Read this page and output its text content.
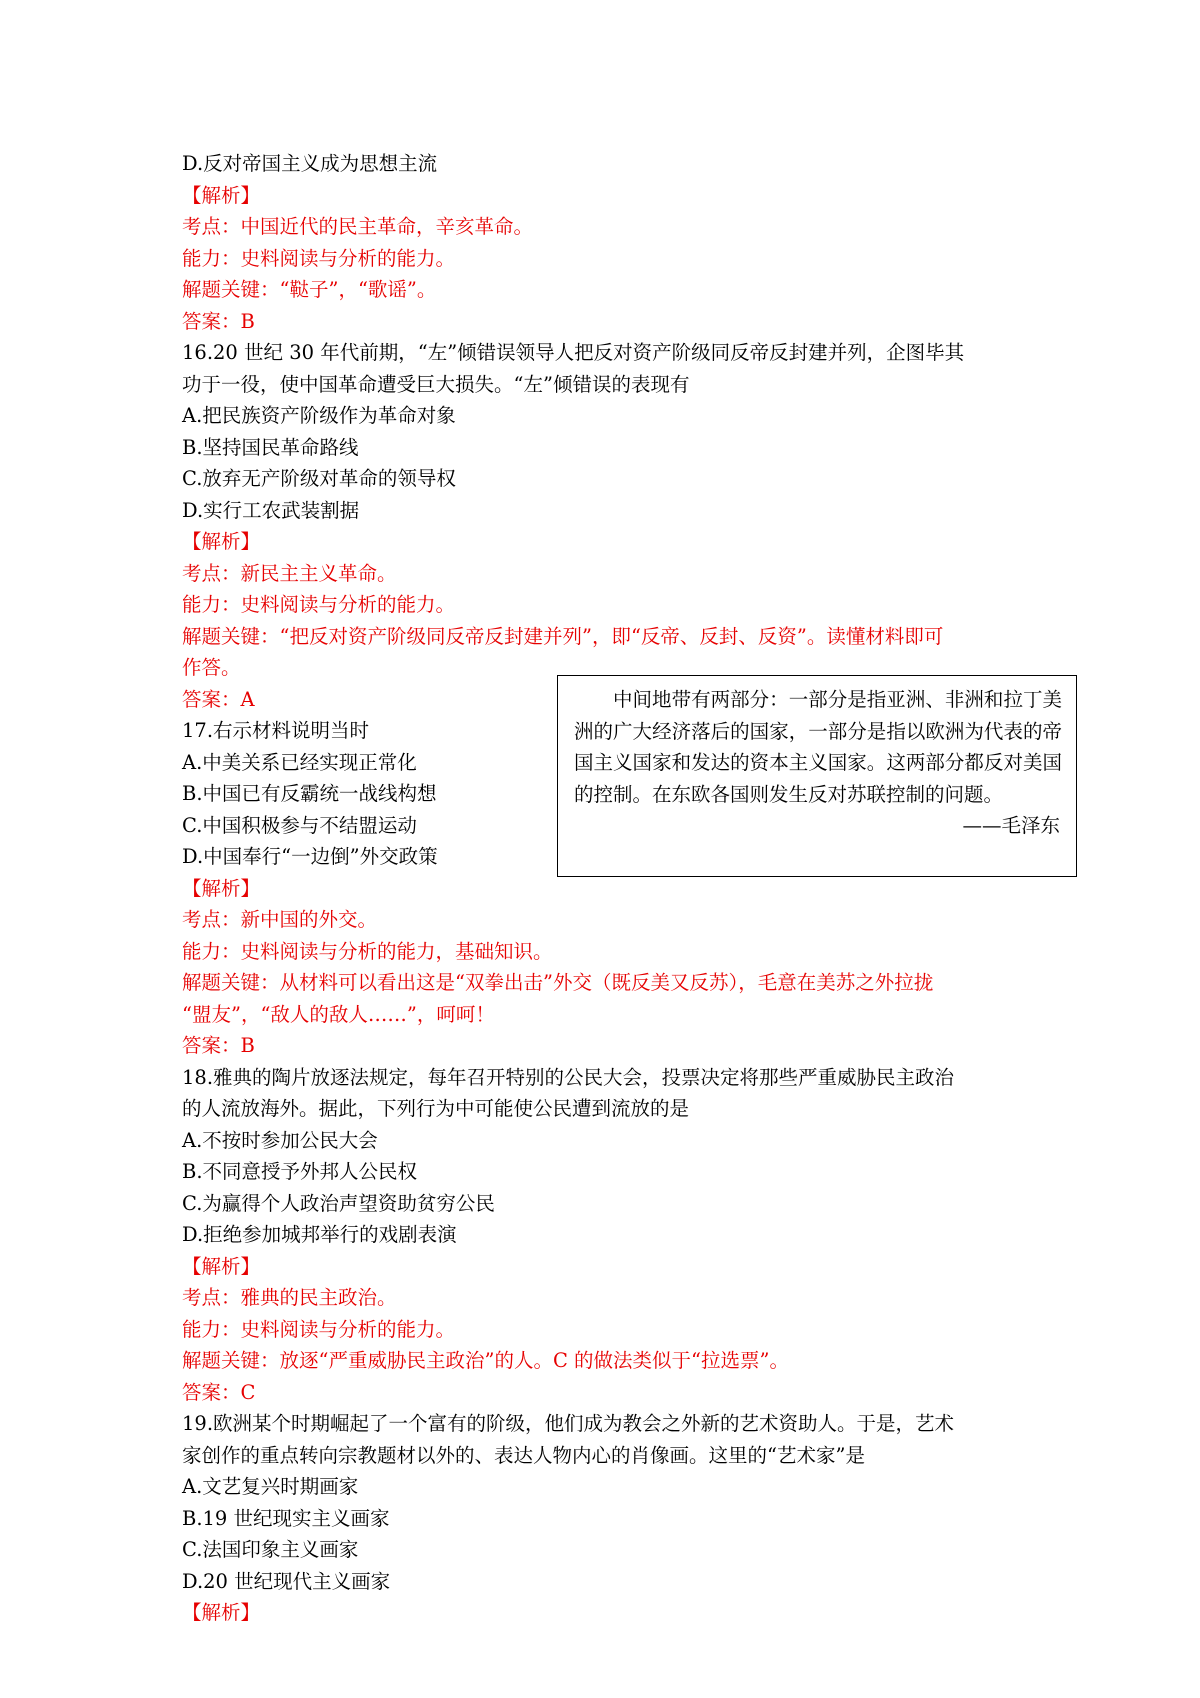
D.反对帝国主义成为思想主流
【解析】
考点：中国近代的民主革命，辛亥革命。
能力：史料阅读与分析的能力。
解题关键：“鞑子”，“歌谣”。
答案：B
16.20 世纪 30 年代前期，“左”倾错误领导人把反对资产阶级同反帝反封建并列，企图毕其
功于一役，使中国革命遭受巨大损失。“左”倾错误的表现有
A.把民族资产阶级作为革命对象
B.坚持国民革命路线
C.放弃无产阶级对革命的领导权
D.实行工农武装割据
【解析】
考点：新民主主义革命。
能力：史料阅读与分析的能力。
解题关键：“把反对资产阶级同反帝反封建并列”，即“反帝、反封、反资”。读懂材料即可
作答。
答案：A
17.右示材料说明当时
A.中美关系已经实现正常化
B.中国已有反霸统一战线构想
C.中国积极参与不结盟运动
D.中国奉行“一边倒”外交政策
【解析】
考点：新中国的外交。
能力：史料阅读与分析的能力，基础知识。
解题关键：从材料可以看出这是“双拳出击”外交（既反美又反苏），毛意在美苏之外拉拢
“盟友”，“敌人的敌人……”，呵呵！
答案：B
18.雅典的陶片放逐法规定，每年召开特别的公民大会，投票决定将那些严重威胁民主政治
的人流放海外。据此，下列行为中可能使公民遭到流放的是
A.不按时参加公民大会
B.不同意授予外邦人公民权
C.为赢得个人政治声望资助贫穷公民
D.拒绝参加城邦举行的戏剧表演
【解析】
考点：雅典的民主政治。
能力：史料阅读与分析的能力。
解题关键：放逐“严重威胁民主政治”的人。C 的做法类似于“拉选票”。
答案：C
19.欧洲某个时期崛起了一个富有的阶级，他们成为教会之外新的艺术资助人。于是，艺术
家创作的重点转向宗教题材以外的、表达人物内心的肖像画。这里的“艺术家”是
A.文艺复兴时期画家
B.19 世纪现实主义画家
C.法国印象主义画家
D.20 世纪现代主义画家
【解析】
中间地带有两部分：一部分是指亚洲、非洲和拉丁美洲的广大经济落后的国家，一部分是指以欧洲为代表的帝国主义国家和发达的资本主义国家。这两部分都反对美国的控制。在东欧各国则发生反对苏联控制的问题。
——毛泽东
